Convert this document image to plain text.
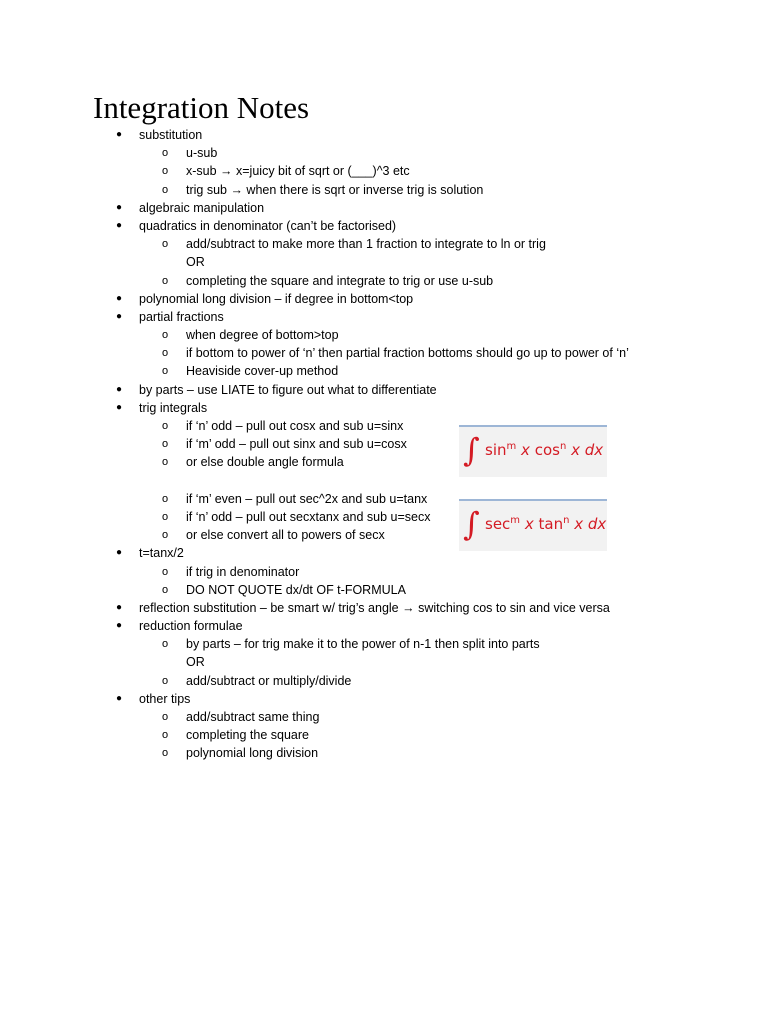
Integration Notes
●	substitution
o	u-sub
o	x-sub → x=juicy bit of sqrt or (___)^3 etc
o	trig sub → when there is sqrt or inverse trig is solution
●	algebraic manipulation
●	quadratics in denominator (can’t be factorised)
o	add/subtract to make more than 1 fraction to integrate to ln or trig
OR
o	completing the square and integrate to trig or use u-sub
●	polynomial long division – if degree in bottom<top
●	partial fractions
o	when degree of bottom>top
o	if bottom to power of ‘n’ then partial fraction bottoms should go up to power of ‘n’
o	Heaviside cover-up method
●	by parts – use LIATE to figure out what to differentiate
●	trig integrals
o	if ‘n’ odd – pull out cosx and sub u=sinx
o	if ‘m’ odd – pull out sinx and sub u=cosx
o	or else double angle formula
o	if ‘m’ even – pull out sec^2x and sub u=tanx
o	if ‘n’ odd – pull out secxtanx and sub u=secx
o	or else convert all to powers of secx
●	t=tanx/2
o	if trig in denominator
o	DO NOT QUOTE dx/dt OF t-FORMULA
●	reflection substitution – be smart w/ trig’s angle → switching cos to sin and vice versa
●	reduction formulae
o	by parts – for trig make it to the power of n-1 then split into parts
OR
o	add/subtract or multiply/divide
●	other tips
o	add/subtract same thing
o	completing the square
o	polynomial long division
∫ $\sin^m x$ $\cos^n x$ dx
∫ $\sec^m x$ $\tan^n x$ dx
